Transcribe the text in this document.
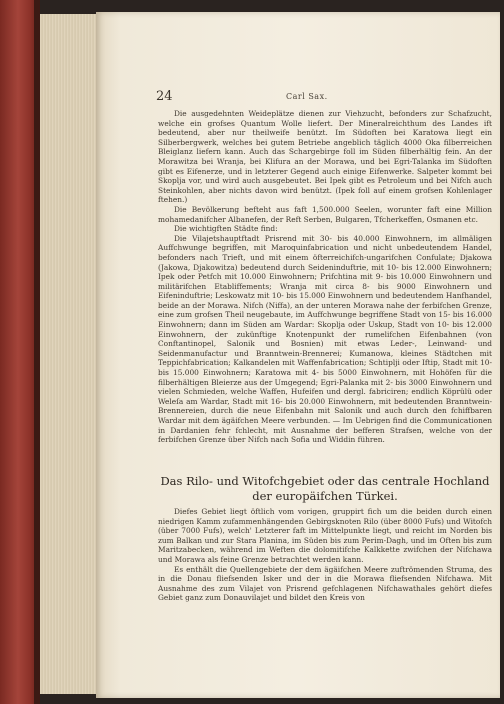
24	Carl Sax.

Die ausgedehnten Weideplätze dienen zur Viehzucht, befonders zur Schafzucht, welche ein grofses Quantum Wolle liefert. Der Mineralreichthum des Landes ift bedeutend, aber nur theilweife benützt. Im Südoften bei Karatowa liegt ein Silberbergwerk, welches bei gutem Betriebe angeblich täglich 4000 Oka filberreichen Bleiglanz liefern kann. Auch das Schargebirge foll im Süden filberhältig fein. An der Morawitza bei Wranja, bei Klifura an der Morawa, und bei Egri-Talanka im Südoften gibt es Eifenerze, und in letzterer Gegend auch einige Eifenwerke. Salpeter kommt bei Skoplja vor, und wird auch ausgebeutet. Bei Ipek gibt es Petroleum und bei Nifch auch Steinkohlen, aber nichts davon wird benützt. (Ipek foll auf einem grofsen Kohlenlager ftehen.)

Die Bevölkerung befteht aus faft 1,500.000 Seelen, worunter faft eine Million mohamedanifcher Albanefen, der Reft Serben, Bulgaren, Tfcherkeffen, Osmanen etc.

Die wichtigften Städte find:

Die Vilajetshauptftadt Prisrend mit 30- bis 40.000 Einwohnern, im allmäligen Auffchwunge begriffen, mit Maroquinfabrication und nicht unbedeutendem Handel, befonders nach Trieft, und mit einem öfterreichifch-ungarifchen Confulate; Djakowa (Jakowa, Djakowitza) bedeutend durch Seideninduftrie, mit 10- bis 12.000 Einwohnern; Ipek oder Petfch mit 10.000 Einwohnern; Prifchtina mit 9- bis 10.000 Einwohnern und militärifchen Etabliffements; Wranja mit circa 8- bis 9000 Einwohnern und Eifeninduftrie; Leskowatz mit 10- bis 15.000 Einwohnern und bedeutendem Hanfhandel, beide an der Morawa. Nifch (Niffa), an der unteren Morawa nahe der ferbifchen Grenze, eine zum grofsen Theil neugebaute, im Auffchwunge begriffene Stadt von 15- bis 16.000 Einwohnern; dann im Süden am Wardar: Skoplja oder Uskup, Stadt von 10- bis 12.000 Einwohnern, der zukünftige Knotenpunkt der rumelifchen Eifenbahnen (von Conftantinopel, Salonik und Bosnien) mit etwas Leder-, Leinwand- und Seidenmanufactur und Branntwein-Brennerei; Kumanowa, kleines Städtchen mit Teppichfabrication; Kalkandelen mit Waffenfabrication; Schtiplji oder Iftip, Stadt mit 10- bis 15.000 Einwohnern; Karatowa mit 4- bis 5000 Einwohnern, mit Hohöfen für die filberhältigen Bleierze aus der Umgegend; Egri-Palanka mit 2- bis 3000 Einwohnern und vielen Schmieden, welche Waffen, Hufeifen und dergl. fabriciren; endlich Köprülü oder Weleſa am Wardar, Stadt mit 16- bis 20.000 Einwohnern, mit bedeutenden Branntwein-Brennereien, durch die neue Eifenbahn mit Salonik und auch durch den fchiffbaren Wardar mit dem ägäifchen Meere verbunden. — Im Uebrigen find die Communicationen in Dardanien fehr fchlecht, mit Ausnahme der befferen Strafsen, welche von der ferbifchen Grenze über Nifch nach Sofia und Widdin führen.

Das Rilo- und Witofchgebiet oder das centrale Hochland der europäifchen Türkei.

Diefes Gebiet liegt öftlich vom vorigen, gruppirt fich um die beiden durch einen niedrigen Kamm zufammenhängenden Gebirgsknoten Rilo (über 8000 Fufs) und Witofch (über 7000 Fufs), welch' Letzterer faft im Mittelpunkte liegt, und reicht im Norden bis zum Balkan und zur Stara Planina, im Süden bis zum Perim-Dagh, und im Often bis zum Maritzabecken, während im Weften die dolomitifche Kalkkette zwifchen der Nifchawa und Morawa als feine Grenze betrachtet werden kann.

Es enthält die Quellengebiete der dem ägäifchen Meere zuftrömenden Struma, des in die Donau fliefsenden Isker und der in die Morawa fliefsenden Nifchawa. Mit Ausnahme des zum Vilajet von Prisrend gefchlagenen Nifchawathales gehört diefes Gebiet ganz zum Donauvilajet und bildet den Kreis von
